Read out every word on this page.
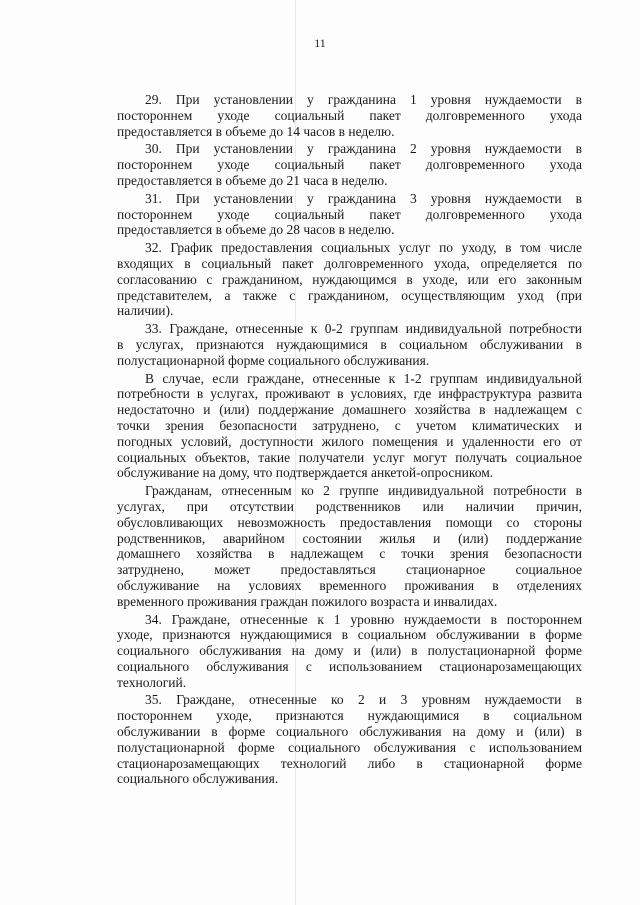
11
29. При установлении у гражданина 1 уровня нуждаемости в
постороннем уходе социальный пакет долговременного ухода
предоставляется в объеме до 14 часов в неделю.
30. При установлении у гражданина 2 уровня нуждаемости в
постороннем уходе социальный пакет долговременного ухода
предоставляется в объеме до 21 часа в неделю.
31. При установлении у гражданина 3 уровня нуждаемости в
постороннем уходе социальный пакет долговременного ухода
предоставляется в объеме до 28 часов в неделю.
32. График предоставления социальных услуг по уходу, в том числе
входящих в социальный пакет долговременного ухода, определяется по
согласованию с гражданином, нуждающимся в уходе, или его законным
представителем, а также с гражданином, осуществляющим уход (при
наличии).
33. Граждане, отнесенные к 0-2 группам индивидуальной потребности
в услугах, признаются нуждающимися в социальном обслуживании в
полустационарной форме социального обслуживания.
В случае, если граждане, отнесенные к 1-2 группам индивидуальной
потребности в услугах, проживают в условиях, где инфраструктура развита
недостаточно и (или) поддержание домашнего хозяйства в надлежащем с
точки зрения безопасности затруднено, с учетом климатических и
погодных условий, доступности жилого помещения и удаленности его от
социальных объектов, такие получатели услуг могут получать социальное
обслуживание на дому, что подтверждается анкетой-опросником.
Гражданам, отнесенным ко 2 группе индивидуальной потребности в
услугах, при отсутствии родственников или наличии причин,
обусловливающих невозможность предоставления помощи со стороны
родственников, аварийном состоянии жилья и (или) поддержание
домашнего хозяйства в надлежащем с точки зрения безопасности
затруднено, может предоставляться стационарное социальное
обслуживание на условиях временного проживания в отделениях
временного проживания граждан пожилого возраста и инвалидах.
34. Граждане, отнесенные к 1 уровню нуждаемости в постороннем
уходе, признаются нуждающимися в социальном обслуживании в форме
социального обслуживания на дому и (или) в полустационарной форме
социального обслуживания с использованием стационарозамещающих
технологий.
35. Граждане, отнесенные ко 2 и 3 уровням нуждаемости в
постороннем уходе, признаются нуждающимися в социальном
обслуживании в форме социального обслуживания на дому и (или) в
полустационарной форме социального обслуживания с использованием
стационарозамещающих технологий либо в стационарной форме
социального обслуживания.
